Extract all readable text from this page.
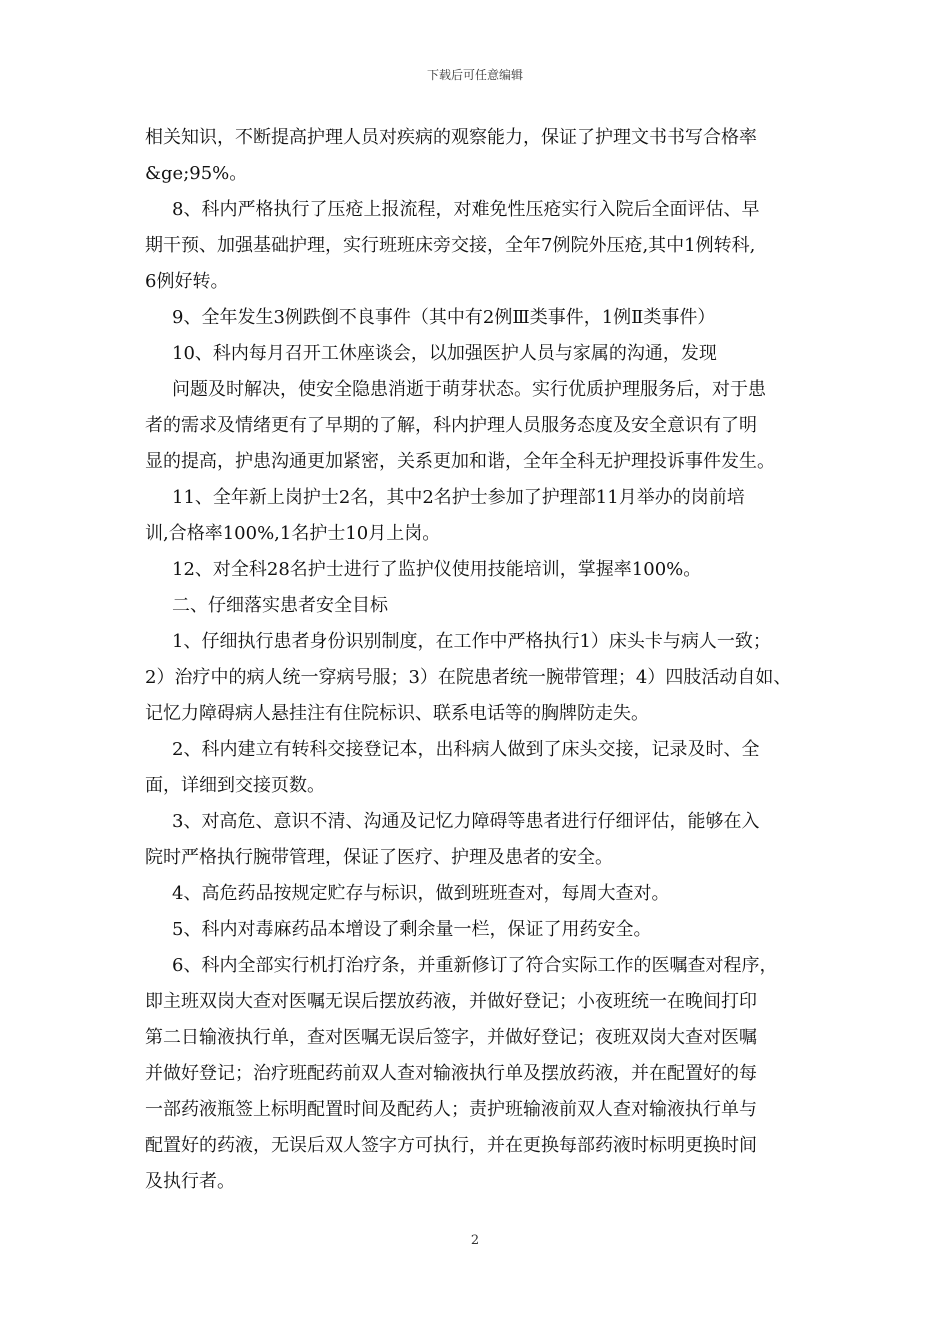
下载后可任意编辑
相关知识，不断提高护理人员对疾病的观察能力，保证了护理文书书写合格率
&ge;95%。
8、科内严格执行了压疮上报流程，对难免性压疮实行入院后全面评估、早
期干预、加强基础护理，实行班班床旁交接，全年7例院外压疮,其中1例转科,
6例好转。
9、全年发生3例跌倒不良事件（其中有2例Ⅲ类事件，1例Ⅱ类事件）
10、科内每月召开工休座谈会，以加强医护人员与家属的沟通，发现
问题及时解决，使安全隐患消逝于萌芽状态。实行优质护理服务后，对于患
者的需求及情绪更有了早期的了解，科内护理人员服务态度及安全意识有了明
显的提高，护患沟通更加紧密，关系更加和谐，全年全科无护理投诉事件发生。
11、全年新上岗护士2名，其中2名护士参加了护理部11月举办的岗前培
训,合格率100%,1名护士10月上岗。
12、对全科28名护士进行了监护仪使用技能培训，掌握率100%。
二、仔细落实患者安全目标
1、仔细执行患者身份识别制度，在工作中严格执行1）床头卡与病人一致；
2）治疗中的病人统一穿病号服；3）在院患者统一腕带管理；4）四肢活动自如、
记忆力障碍病人悬挂注有住院标识、联系电话等的胸牌防走失。
2、科内建立有转科交接登记本，出科病人做到了床头交接，记录及时、全
面，详细到交接页数。
3、对高危、意识不清、沟通及记忆力障碍等患者进行仔细评估，能够在入
院时严格执行腕带管理，保证了医疗、护理及患者的安全。
4、高危药品按规定贮存与标识，做到班班查对，每周大查对。
5、科内对毒麻药品本增设了剩余量一栏，保证了用药安全。
6、科内全部实行机打治疗条，并重新修订了符合实际工作的医嘱查对程序，
即主班双岗大查对医嘱无误后摆放药液，并做好登记；小夜班统一在晚间打印
第二日输液执行单，查对医嘱无误后签字，并做好登记；夜班双岗大查对医嘱
并做好登记；治疗班配药前双人查对输液执行单及摆放药液，并在配置好的每
一部药液瓶签上标明配置时间及配药人；责护班输液前双人查对输液执行单与
配置好的药液，无误后双人签字方可执行，并在更换每部药液时标明更换时间
及执行者。
2
